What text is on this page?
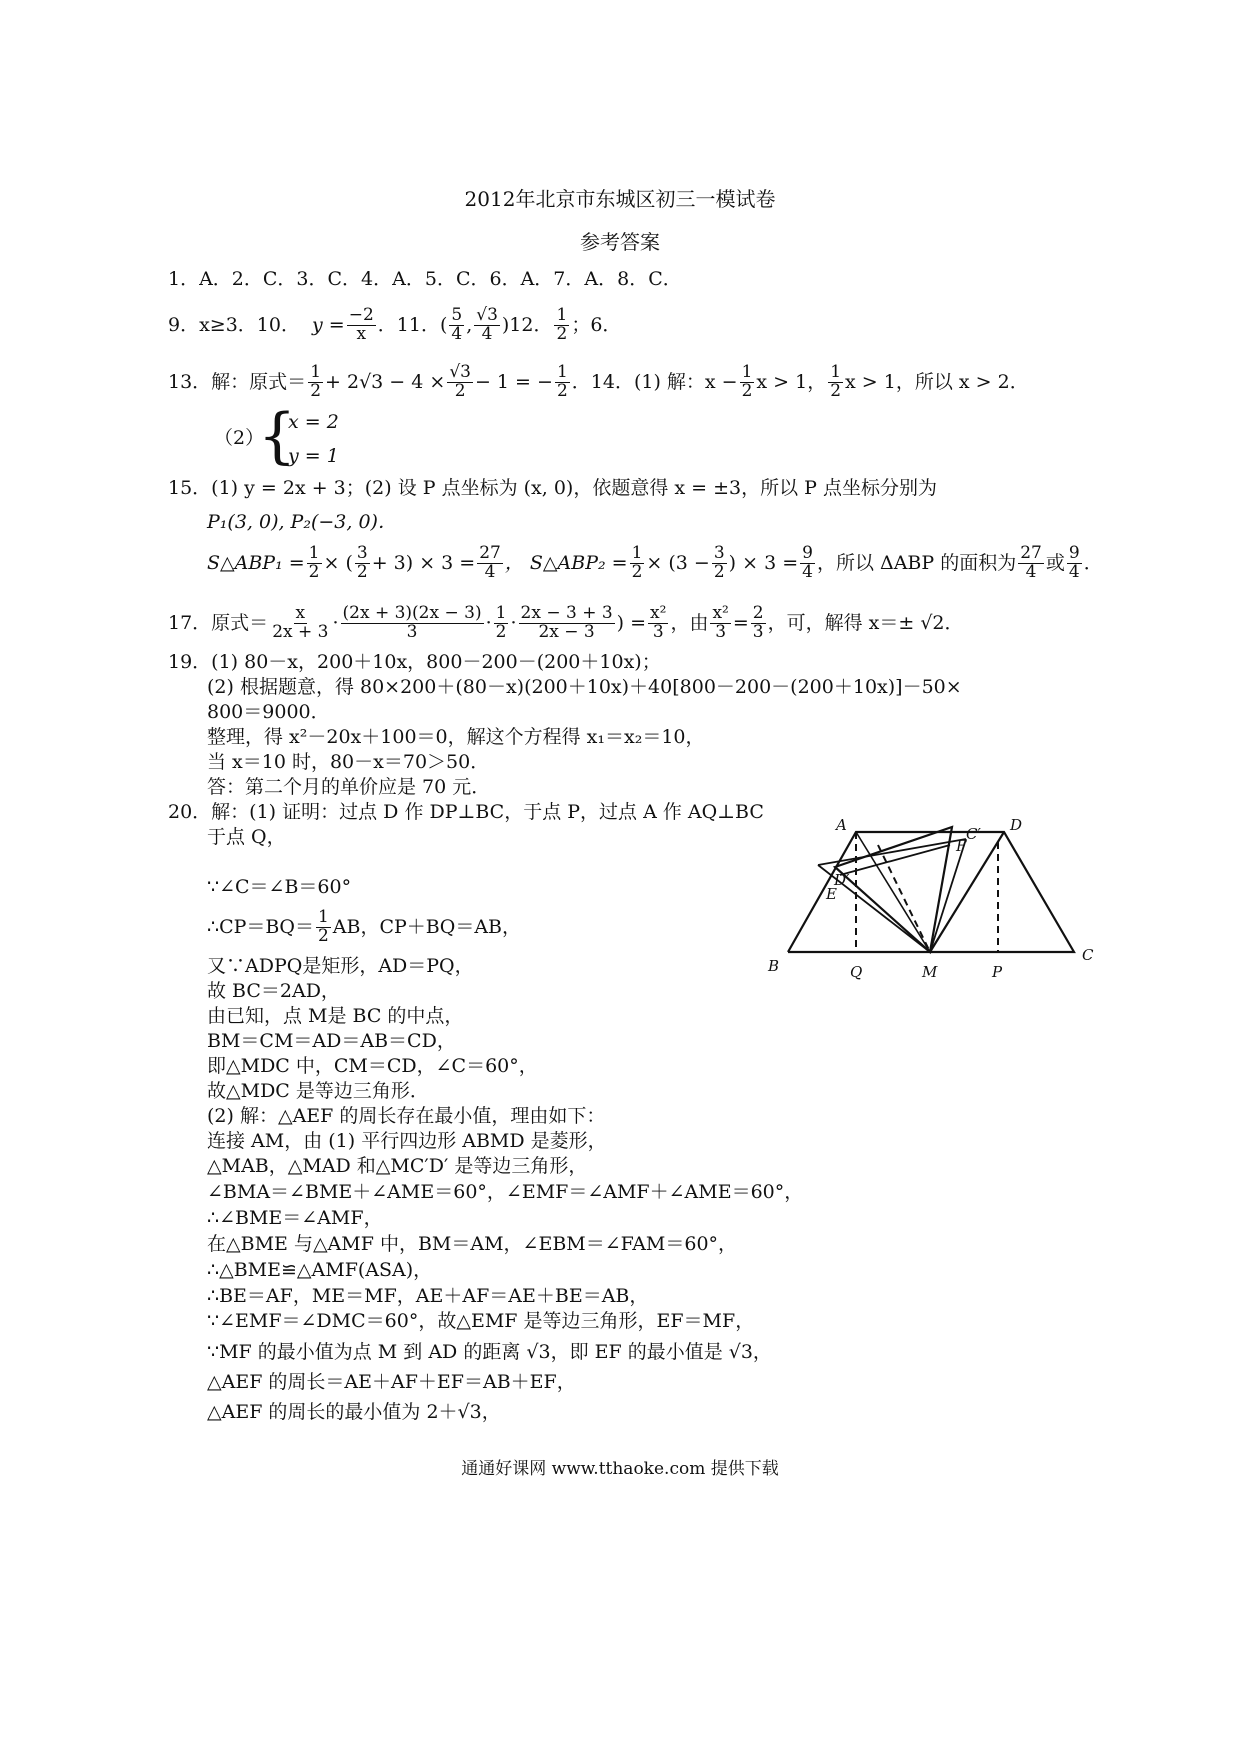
2012年北京市东城区初三一模试卷
参考答案
1．A．2．C．3．C．4．A．5．C．6．A．7．A．8．C．
9．x≥3．10． $y = \frac{-2}{x}$ ．11．( $\frac{5}{4}$ , $\frac{√3}{4} )12$． $\frac{1}{2}$ ；6．
13．解：原式＝ $\frac{1}{2} + 2√3 - 4 \times \frac{√3}{2} - 1$ = − $\frac{1}{2}$ ．14．(1) 解：$x - \frac{1}{2}$ x > 1， $\frac{1}{2}$ x > 1，所以 x > 2．
（2）
{
x = 2
y = 1
15．(1) y = 2x + 3；(2) 设 P 点坐标为 (x, 0)，依题意得 x = ±3，所以 P 点坐标分别为
P₁(3, 0), P₂(−3, 0)．
S△ABP₁ = $\frac{1}{2}$ × ( $\frac{3}{2} + 3) \times 3 = \frac{27}{4}$ ， S△ABP₂ = $\frac{1}{2} \times (3 - \frac{3}{2}$ ) × $3 = \frac{9}{4}$ ，所以 ΔABP 的面积为 $\frac{27}{4}$ 或 $\frac{9}{4}$ ．
17．原式＝ $\frac{x}{2x + 3} \cdot \frac{(2x + 3)(2x - 3)}{3} \cdot \frac{1}{2} \cdot \frac{2x - 3 + 3}{2x - 3}$ ) = $\frac{\text{x²}}{3}$ ，由 $\frac{\text{x²}}{3} = \frac{2}{3}$ ，可，解得 x＝± √2．
19．(1) 80－x，200＋10x，800－200－(200＋10x)；
(2) 根据题意，得 80×200＋(80－x)(200＋10x)＋40[800－200－(200＋10x)]－50×
800＝9000．
整理，得 x²－20x＋100＝0，解这个方程得 x₁＝x₂＝10，
当 x＝10 时，80－x＝70＞50．
答：第二个月的单价应是 70 元．
20．解：(1) 证明：过点 D 作 DP⊥BC，于点 P，过点 A 作 AQ⊥BC
于点 Q，
∵∠C＝∠B＝60°
∴CP＝BQ＝ $\frac{1}{2}$ AB，CP＋BQ＝AB，
又∵ADPQ是矩形，AD＝PQ，
故 BC＝2AD，
由已知，点 M是 BC 的中点，
BM＝CM＝AD＝AB＝CD，
即△MDC 中，CM＝CD，∠C＝60°，
故△MDC 是等边三角形．
(2) 解：△AEF 的周长存在最小值，理由如下：
连接 AM，由 (1) 平行四边形 ABMD 是菱形，
△MAB，△MAD 和△MC′D′ 是等边三角形，
∠BMA＝∠BME＋∠AME＝60°，∠EMF＝∠AMF＋∠AME＝60°，
∴∠BME＝∠AMF，
在△BME 与△AMF 中，BM＝AM，∠EBM＝∠FAM＝60°，
∴△BME≌△AMF(ASA)，
∴BE＝AF，ME＝MF，AE＋AF＝AE＋BE＝AB，
∵∠EMF＝∠DMC＝60°，故△EMF 是等边三角形，EF＝MF，
∵MF 的最小值为点 M 到 AD 的距离 √3，即 EF 的最小值是 √3，
△AEF 的周长＝AE＋AF＋EF＝AB＋EF，
△AEF 的周长的最小值为 2＋√3，
A	C′ D
F
D′
E
B	Q	M	P
C
通通好课网 www.tthaoke.com 提供下载
